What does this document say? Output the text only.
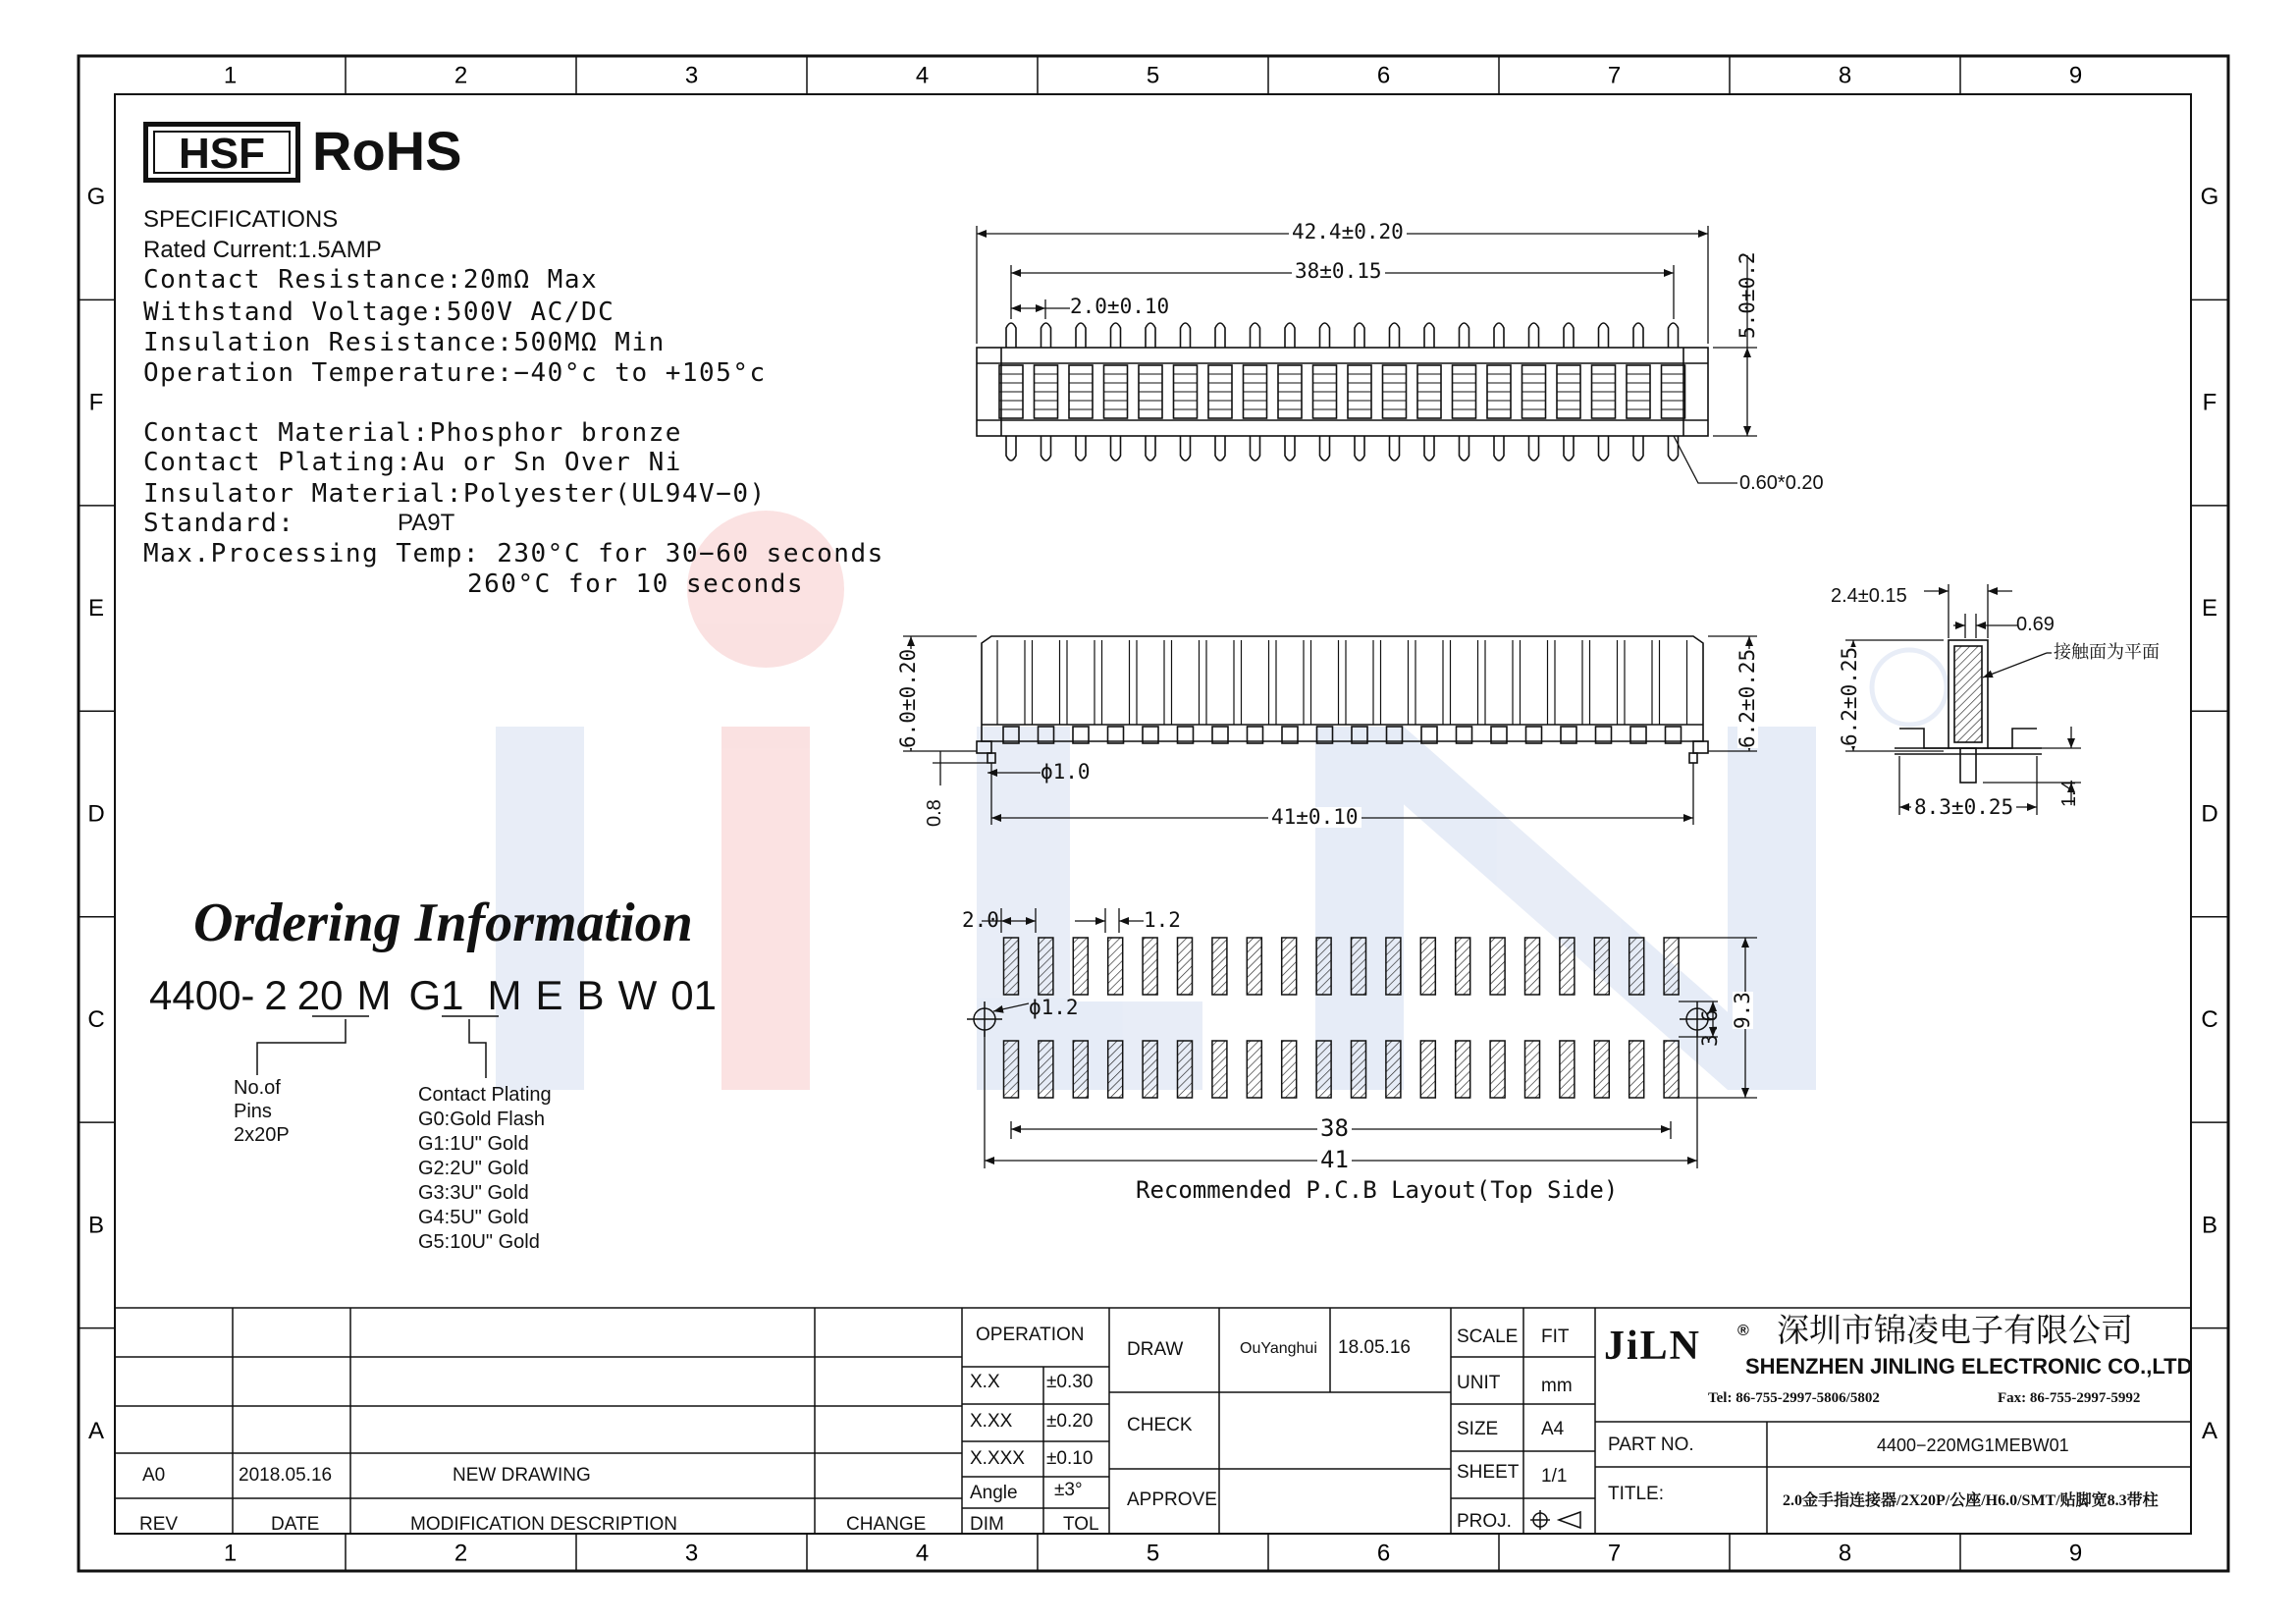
1
1
2
2
3
3
4
4
5
5
6
6
7
7
8
8
9
9
G	G
F	F
E	E
D	D
C	C
B	B
A	A
HSF RoHS
SPECIFICATIONS
Rated Current:1.5AMP
Contact Resistance:20mΩ Max
Withstand Voltage:500V AC/DC
Insulation Resistance:500MΩ Min
Operation Temperature:−40°c to +105°c
Contact Material:Phosphor bronze
Contact Plating:Au or Sn Over Ni
Insulator Material:Polyester(UL94V−0)
Standard:	PA9T
Max.Processing Temp: 230°C for 30−60 seconds
260°C for 10 seconds
Ordering Information
4400- 2 20 M G1 M E B W 01
No.of
Pins
2x20P
Contact Plating
G0:Gold Flash
G1:1U" Gold
G2:2U" Gold
G3:3U" Gold
G4:5U" Gold
G5:10U" Gold
42.4±0.20
38±0.15
2.0±0.10	5.0±0.2
0.60*0.20
6.0±0.20	6.2±0.25
ϕ1.0
0.8	41±0.10
2.4±0.15
0.69
接触面为平面
6.2±0.25
8.3±0.25 1.4
2.0	1.2
ϕ1.2
3.6 9.3
38
41
Recommended P.C.B Layout(Top Side)
A0	2018.05.16	NEW DRAWING
REV	DATE	MODIFICATION DESCRIPTION	CHANGE
OPERATION
X.X ±0.30
X.XX ±0.20
X.XXX ±0.10
Angle ±3°
DIM	TOL
DRAW	OuYanghui 18.05.16
CHECK
APPROVE
SCALE FIT
UNIT mm
SIZE A4
SHEET 1/1
PROJ.
JiLN ® 深圳市锦凌电子有限公司
SHENZHEN JINLING ELECTRONIC CO.,LTD
Tel: 86-755-2997-5806/5802	Fax: 86-755-2997-5992
PART NO.	4400−220MG1MEBW01
TITLE:	2.0金手指连接器/2X20P/公座/H6.0/SMT/贴脚宽8.3带柱
